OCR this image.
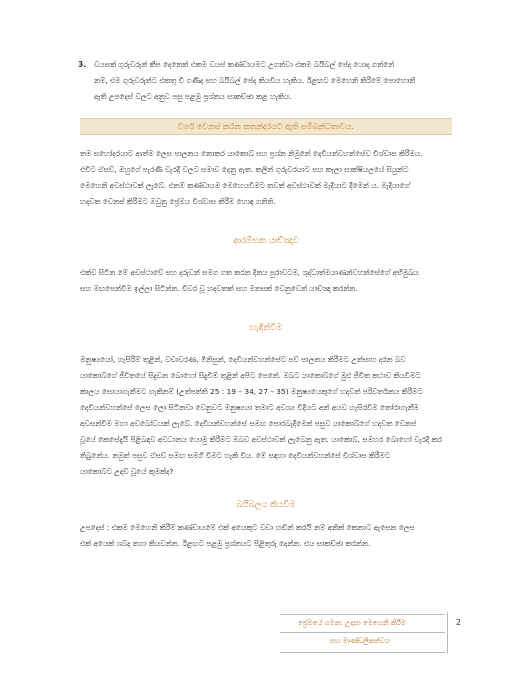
3. වයසක් ගුරුවරුන් කීප දෙනෙක් එකම වයස් කණ්ඩායමට උගන්වා එකම බයිබල් පේද යොදා ගන්නේ
නම්, එම ගුරුවරුන්ට එකතු වී ගණිද සහ බයිබල් පේද කියවිය හැකිය. ඊළඟට මෙහෙනි කිරීමේ පොහොනි
ඇති උපදෙස් වලට අනුව පසු පළමු ප්‍රශ්නය සාකච්ඡා කළ හැකිය.
වර්ග වෙනස් කරන කතන්දරයට ඇති සම්බන්ධතාවය.
තම සහෝදරයාට ආත්ම ලෙස පාලනය නොකර යාකොබ් සහ ප්‍රශ්න නිමුනේ දෙවියන්වහන්සේව විශ්වාස කිරීමය.
එවිට ඒසව්, ඔහුගේ පැරණි වැරදි වලට සමාව දෙනු ඇත. කලින් ගුරුවරයාට සහ කෑලා සාක්ෂියලයේ සියුන්ට
මෙහෙනි අවස්ථාවක් ලැබේ. එනම් කණ්ඩායම මෙහෙයවීමට තවත් අවස්ථාවක් මැදියාට දීමෙන් ය. මැදියාගේ
හදවත වෙනස් කිරීමට ඔවුනු ප්‍රේමය විශ්වාස කිරීම හොඳ ගනිති.
ආරම්භක යාච්ඤාව
එක්ව සිටින මේ අවස්ථාවේ සහ දරුවන් සමග ගත කරන දිනය පුරාවටම, ශුද්ධාත්මයාණන්වහන්සේගේ අභිමුඛය
සහ මඟපෙන්වීම ඉල්ලා සිටින්න. විවර වූ හදවතක් සහ මනසක් වෙනුවෙන් යාච්ඤා කරන්න.
හැඳින්වීම
මනුෂ්‍යයෝ, හැසිරීම් තුළින්, වචාවරණ, මිනිසුන්, දෙවියන්වහන්සේට පව් පාලනය කිරීමට උත්සාහ දරන බව
යාකොබ්ගේ ජීවිතයේ සිදුවන බොහෝ සිදුවීම් තුළින් අපිට පෙනේ. ඔබට යාකොබ්ගේ මුළු ජීවිත කථාව කියවීමට
කාලය සොයාගැනීමට හැකිනම් (උත්පත්ති 25 : 19 – 34, 27 – 35) මනුෂ්‍යයෙකුගේ හදවත් පරිවර්තනය කිරීමට
දෙවියන්වහන්සේ ලෙස ලො සිටිනවා වෙනුවට මනුෂ්‍යයා තමාට අවශ්‍ය විදියට අන් අයව හැසිරවීම තෝරාගැනීම
අවසන්වීම මහා අවබෝධයක් ලැබේ. දෙවියන්වහන්සේ සමඟ පොරබැදීමෙන් පසුව යාකොබ්ගේ හදවත වෙනස්
වූයේ කෙසේදැයි පිළිබඳව අවධානය යොමු කිරීමට ඔබව අවස්ථාවක් ලැබෙනු ඇත. යාකොබ්, සමහර බොහෝ වැරදි කර
තිබුනේය. නමුත් පසුව ඒසව් සමඟ සමගි වීමට හැකි විය. මේ සඳහා දෙවියන්වහන්සේ විශ්වාස කිරීමට
යාකොබ්ට උදව් වූයේ කුමක්ද?
බයිබලය කියවීම
උපදෙස් : එකම මෙහෙනි කිරීම් කණ්ඩායමේ එක් අයෙකුට වඩා හඬින් කරයි නම් අනික් කෙනාට ඇසෙන ලෙස
එක් අයෙක් ශබ්ද නගා කියවන්න. ඊළඟට පළමු ප්‍රශ්නයට පිළිතුරු දෙන්න. එය සාකච්ඡා කරන්න.
ප්‍රේමයේ ගමන: උදාසා මෙහෙනි කිරීම
සහ මාණ්ඩලිකත්වය
2
